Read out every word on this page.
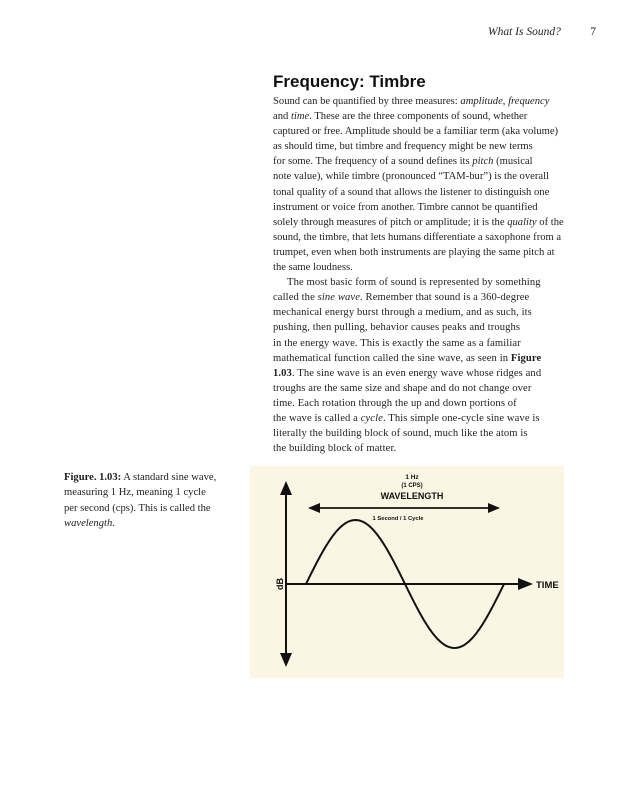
What Is Sound?	7
Frequency: Timbre
Sound can be quantified by three measures: amplitude, frequency
and time. These are the three components of sound, whether
captured or free. Amplitude should be a familiar term (aka volume)
as should time, but timbre and frequency might be new terms
for some. The frequency of a sound defines its pitch (musical
note value), while timbre (pronounced “TAM-bur”) is the overall
tonal quality of a sound that allows the listener to distinguish one
instrument or voice from another. Timbre cannot be quantified
solely through measures of pitch or amplitude; it is the quality of the
sound, the timbre, that lets humans differentiate a saxophone from a
trumpet, even when both instruments are playing the same pitch at
the same loudness.
The most basic form of sound is represented by something
called the sine wave. Remember that sound is a 360-degree
mechanical energy burst through a medium, and as such, its
pushing, then pulling, behavior causes peaks and troughs
in the energy wave. This is exactly the same as a familiar
mathematical function called the sine wave, as seen in Figure
1.03. The sine wave is an even energy wave whose ridges and
troughs are the same size and shape and do not change over
time. Each rotation through the up and down portions of
the wave is called a cycle. This simple one-cycle sine wave is
literally the building block of sound, much like the atom is
the building block of matter.
Figure. 1.03: A standard sine wave,
measuring 1 Hz, meaning 1 cycle
per second (cps). This is called the
wavelength.
1 Hz
(1 CPS)
WAVELENGTH
1 Second / 1 Cycle
dB	TIME
